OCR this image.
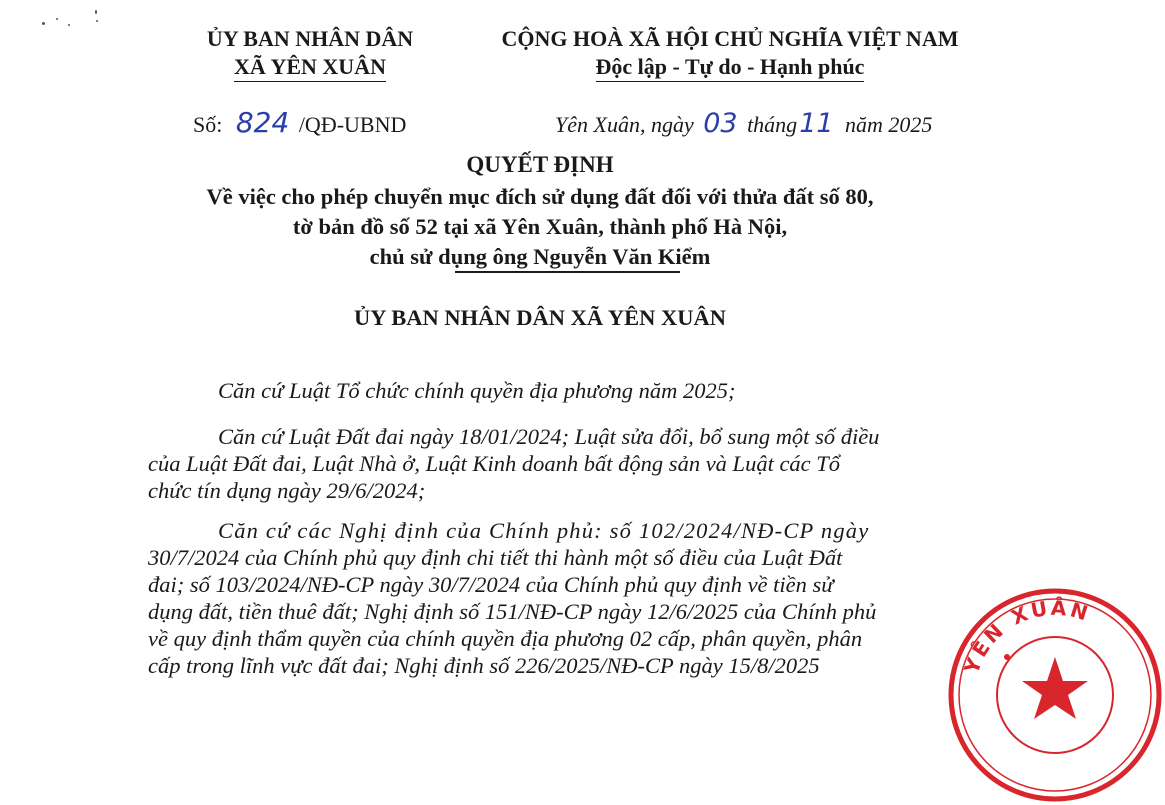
ỦY BAN NHÂN DÂN
XÃ YÊN XUÂN
CỘNG HOÀ XÃ HỘI CHỦ NGHĨA VIỆT NAM
Độc lập - Tự do - Hạnh phúc
Số: 824 /QĐ-UBND	Yên Xuân, ngày 03 tháng11 năm 2025
QUYẾT ĐỊNH
Về việc cho phép chuyển mục đích sử dụng đất đối với thửa đất số 80,
tờ bản đồ số 52 tại xã Yên Xuân, thành phố Hà Nội,
chủ sử dụng ông Nguyễn Văn Kiểm
ỦY BAN NHÂN DÂN XÃ YÊN XUÂN
Căn cứ Luật Tổ chức chính quyền địa phương năm 2025;
Căn cứ Luật Đất đai ngày 18/01/2024; Luật sửa đổi, bổ sung một số điều
của Luật Đất đai, Luật Nhà ở, Luật Kinh doanh bất động sản và Luật các Tổ
chức tín dụng ngày 29/6/2024;
Căn cứ các Nghị định của Chính phủ: số 102/2024/NĐ-CP ngày
30/7/2024 của Chính phủ quy định chi tiết thi hành một số điều của Luật Đất
đai; số 103/2024/NĐ-CP ngày 30/7/2024 của Chính phủ quy định về tiền sử
dụng đất, tiền thuê đất; Nghị định số 151/NĐ-CP ngày 12/6/2025 của Chính phủ
về quy định thẩm quyền của chính quyền địa phương 02 cấp, phân quyền, phân
cấp trong lĩnh vực đất đai; Nghị định số 226/2025/NĐ-CP ngày 15/8/2025	YÊN XUÂN
